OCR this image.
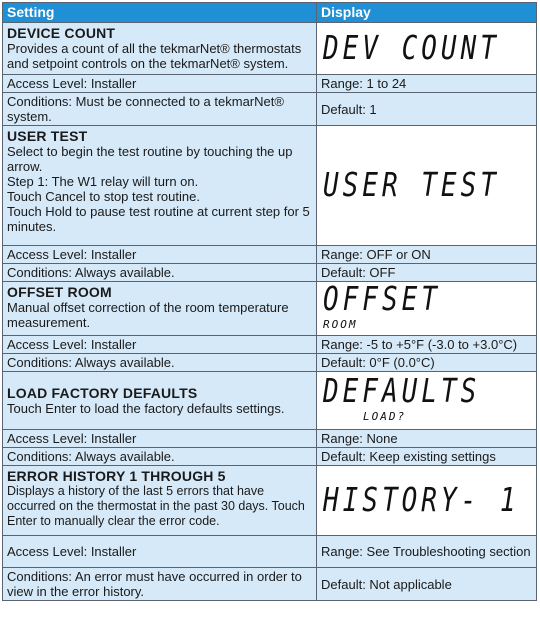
Setting	Display

DEVICE COUNT
Provides a count of all the tekmarNet® thermostats and setpoint controls on the tekmarNet® system.	DEV COUNT

Access Level: Installer	Range: 1 to 24
Conditions: Must be connected to a tekmarNet® system.	Default: 1

USER TEST
Select to begin the test routine by touching the up arrow.
Step 1: The W1 relay will turn on.
Touch Cancel to stop test routine.
Touch Hold to pause test routine at current step for 5 minutes.	USER TEST

Access Level: Installer	Range: OFF or ON
Conditions: Always available.	Default: OFF

OFFSET ROOM
Manual offset correction of the room temperature measurement.	OFFSET
ROOM

Access Level: Installer	Range: -5 to +5°F (-3.0 to +3.0°C)
Conditions: Always available.	Default: 0°F (0.0°C)

LOAD FACTORY DEFAULTS
Touch Enter to load the factory defaults settings.	DEFAULTS
LOAD?

Access Level: Installer	Range: None
Conditions: Always available.	Default: Keep existing settings

ERROR HISTORY 1 THROUGH 5
Displays a history of the last 5 errors that have occurred on the thermostat in the past 30 days. Touch Enter to manually clear the error code.	HISTORY- 1

Access Level: Installer	Range: See Troubleshooting section
Conditions: An error must have occurred in order to view in the error history.	Default: Not applicable
